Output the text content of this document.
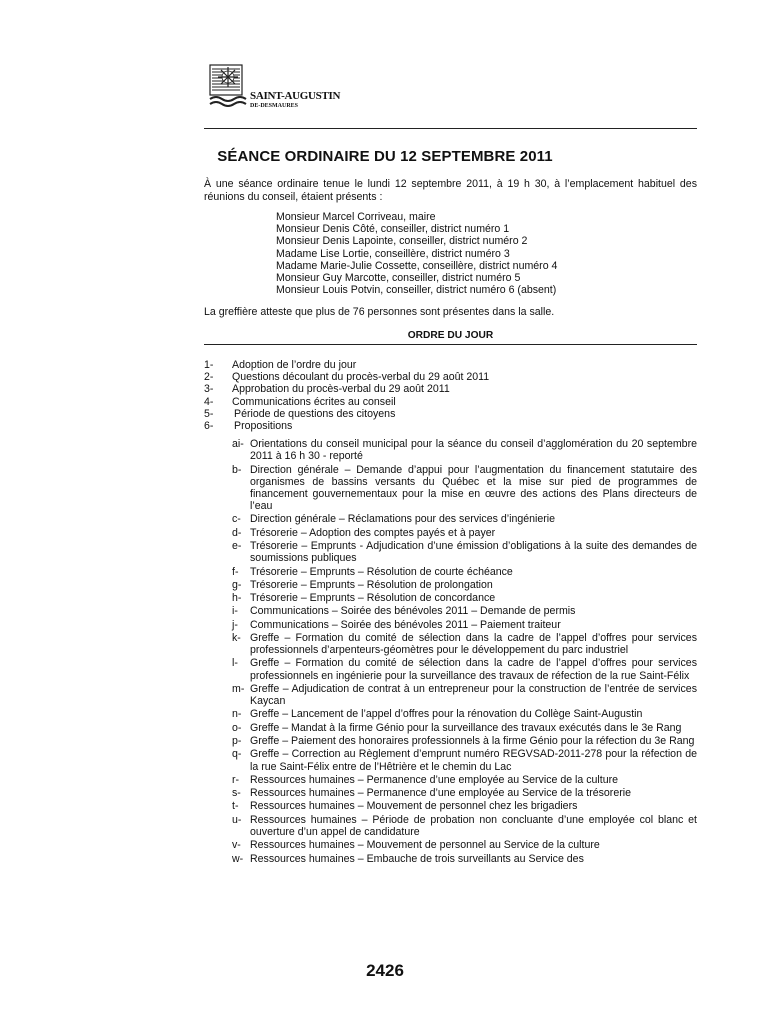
SAINT-AUGUSTIN
DE-DESMAURES
SÉANCE ORDINAIRE DU 12 SEPTEMBRE 2011
À une séance ordinaire tenue le lundi 12 septembre 2011, à 19 h 30, à l’emplacement habituel des réunions du conseil, étaient présents :
Monsieur Marcel Corriveau, maire
Monsieur Denis Côté, conseiller, district numéro 1
Monsieur Denis Lapointe, conseiller, district numéro 2
Madame Lise Lortie, conseillère, district numéro 3
Madame Marie-Julie Cossette, conseillère, district numéro 4
Monsieur Guy Marcotte, conseiller, district numéro 5
Monsieur Louis Potvin, conseiller, district numéro 6 (absent)
La greffière atteste que plus de 76 personnes sont présentes dans la salle.
ORDRE DU JOUR
1-	Adoption de l’ordre du jour
2-	Questions découlant du procès-verbal du 29 août 2011
3-	Approbation du procès-verbal du 29 août 2011
4-	Communications écrites au conseil
5-	Période de questions des citoyens
6-	Propositions
ai- Orientations du conseil municipal pour la séance du conseil d’agglomération du 20 septembre 2011 à 16 h 30 - reporté
b- Direction générale – Demande d’appui pour l’augmentation du financement statutaire des organismes de bassins versants du Québec et la mise sur pied de programmes de financement gouvernementaux pour la mise en œuvre des actions des Plans directeurs de l’eau
c- Direction générale – Réclamations pour des services d’ingénierie
d- Trésorerie – Adoption des comptes payés et à payer
e- Trésorerie – Emprunts - Adjudication d’une émission d’obligations à la suite des demandes de soumissions publiques
f-	Trésorerie – Emprunts – Résolution de courte échéance
g- Trésorerie – Emprunts – Résolution de prolongation
h- Trésorerie – Emprunts – Résolution de concordance
i-	Communications – Soirée des bénévoles 2011 – Demande de permis
j-	Communications – Soirée des bénévoles 2011 – Paiement traiteur
k- Greffe – Formation du comité de sélection dans la cadre de l’appel d’offres pour services professionnels d’arpenteurs-géomètres pour le développement du parc industriel
l-	Greffe – Formation du comité de sélection dans la cadre de l’appel d’offres pour services professionnels en ingénierie pour la surveillance des travaux de réfection de la rue Saint-Félix
m- Greffe – Adjudication de contrat à un entrepreneur pour la construction de l’entrée de services Kaycan
n- Greffe – Lancement de l’appel d’offres pour la rénovation du Collège Saint-Augustin
o- Greffe – Mandat à la firme Génio pour la surveillance des travaux exécutés dans le 3e Rang
p- Greffe – Paiement des honoraires professionnels à la firme Génio pour la réfection du 3e Rang
q- Greffe – Correction au Règlement d’emprunt numéro REGVSAD-2011-278 pour la réfection de la rue Saint-Félix entre de l’Hêtrière et le chemin du Lac
r-	Ressources humaines – Permanence d’une employée au Service de la culture
s- Ressources humaines – Permanence d’une employée au Service de la trésorerie
t-	Ressources humaines – Mouvement de personnel chez les brigadiers
u- Ressources humaines – Période de probation non concluante d’une employée col blanc et ouverture d’un appel de candidature
v- Ressources humaines – Mouvement de personnel au Service de la culture
w- Ressources humaines – Embauche de trois surveillants au Service des
2426
